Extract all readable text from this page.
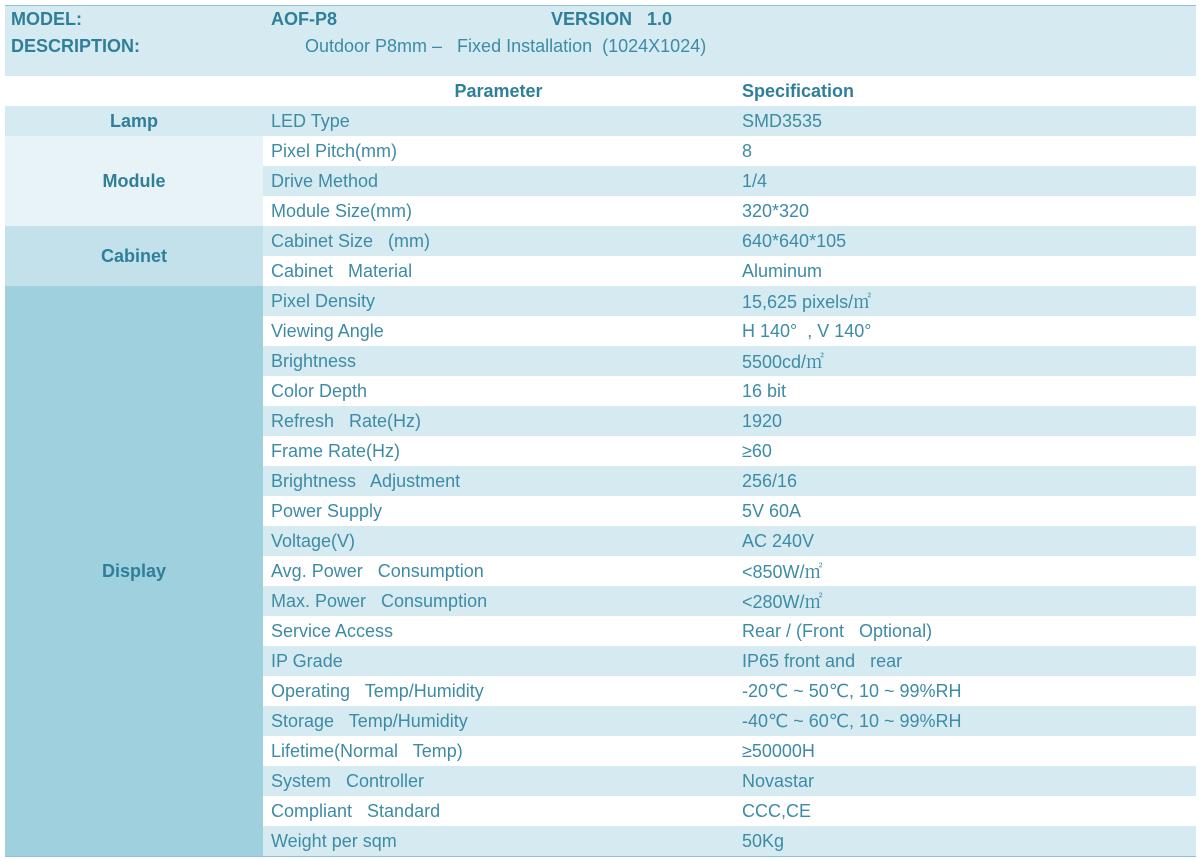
MODEL:	AOF-P8 VERSION   1.0	
DESCRIPTION:	Outdoor P8mm –   Fixed Installation  (1024X1024)	

	Parameter	Specification
Lamp	LED Type	SMD3535
Module	Pixel Pitch(mm)	8
	Drive Method	1/4
	Module Size(mm)	320*320
Cabinet	Cabinet Size   (mm)	640*640*105
	Cabinet   Material	Aluminum
Display	Pixel Density	15,625 pixels/㎡
	Viewing Angle	H 140°  , V 140°
	Brightness	5500cd/㎡
	Color Depth	16 bit
	Refresh   Rate(Hz)	1920
	Frame Rate(Hz)	≥60
	Brightness   Adjustment	256/16
	Power Supply	5V 60A
	Voltage(V)	AC 240V
	Avg. Power   Consumption	<850W/㎡
	Max. Power   Consumption	<280W/㎡
	Service Access	Rear / (Front   Optional)
	IP Grade	IP65 front and   rear
	Operating   Temp/Humidity	-20℃ ~ 50℃, 10 ~ 99%RH
	Storage   Temp/Humidity	-40℃ ~ 60℃, 10 ~ 99%RH
	Lifetime(Normal   Temp)	≥50000H
	System   Controller	Novastar
	Compliant   Standard	CCC,CE
	Weight per sqm	50Kg
